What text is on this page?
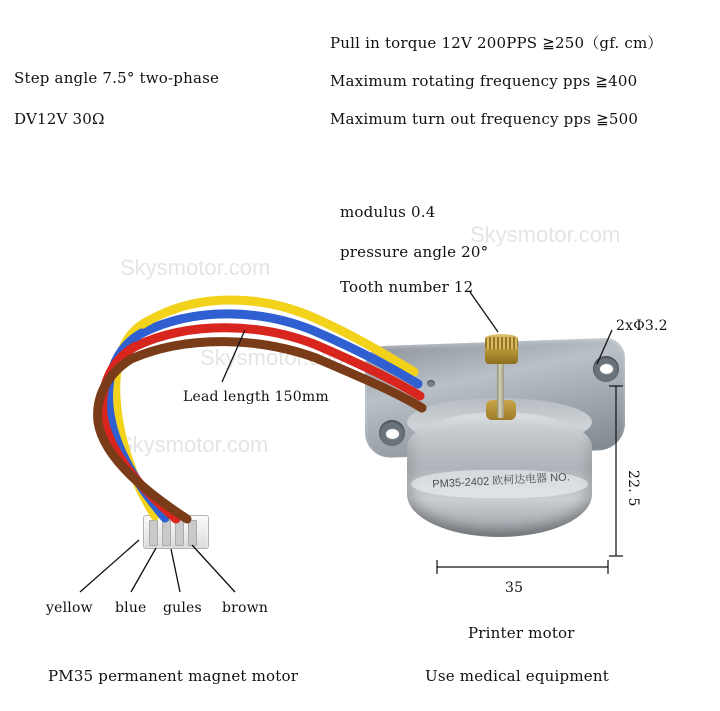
Skysmotor.com
Skysmotor.com
Skysmotor.com
Skysmotor.com
Step angle 7.5° two-phase
DV12V 30Ω
Pull in torque 12V 200PPS ≧250（gf. cm）
Maximum rotating frequency pps ≧400
Maximum turn out frequency pps ≧500
modulus 0.4
pressure angle 20°
Tooth number 12
Lead length 150mm
2xΦ3.2
yellow blue gules brown
22. 5
35
PM35 permanent magnet motor
Printer motor
Use medical equipment
PM35-2402 欧柯达电器 NO.
